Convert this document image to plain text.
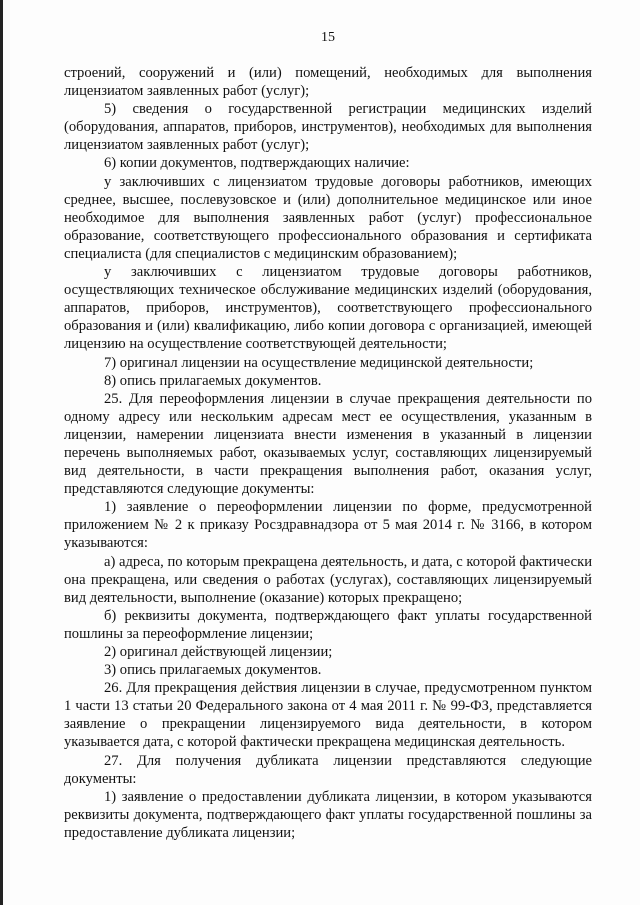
15

строений, сооружений и (или) помещений, необходимых для выполнения лицензиатом заявленных работ (услуг);

5) сведения о государственной регистрации медицинских изделий (оборудования, аппаратов, приборов, инструментов), необходимых для выполнения лицензиатом заявленных работ (услуг);

6) копии документов, подтверждающих наличие:

у заключивших с лицензиатом трудовые договоры работников, имеющих среднее, высшее, послевузовское и (или) дополнительное медицинское или иное необходимое для выполнения заявленных работ (услуг) профессиональное образование, соответствующего профессионального образования и сертификата специалиста (для специалистов с медицинским образованием);

у заключивших с лицензиатом трудовые договоры работников, осуществляющих техническое обслуживание медицинских изделий (оборудования, аппаратов, приборов, инструментов), соответствующего профессионального образования и (или) квалификацию, либо копии договора с организацией, имеющей лицензию на осуществление соответствующей деятельности;

7) оригинал лицензии на осуществление медицинской деятельности;

8) опись прилагаемых документов.

25. Для переоформления лицензии в случае прекращения деятельности по одному адресу или нескольким адресам мест ее осуществления, указанным в лицензии, намерении лицензиата внести изменения в указанный в лицензии перечень выполняемых работ, оказываемых услуг, составляющих лицензируемый вид деятельности, в части прекращения выполнения работ, оказания услуг, представляются следующие документы:

1) заявление о переоформлении лицензии по форме, предусмотренной приложением № 2 к приказу Росздравнадзора от 5 мая 2014 г. № 3166, в котором указываются:

а) адреса, по которым прекращена деятельность, и дата, с которой фактически она прекращена, или сведения о работах (услугах), составляющих лицензируемый вид деятельности, выполнение (оказание) которых прекращено;

б) реквизиты документа, подтверждающего факт уплаты государственной пошлины за переоформление лицензии;

2) оригинал действующей лицензии;

3) опись прилагаемых документов.

26. Для прекращения действия лицензии в случае, предусмотренном пунктом 1 части 13 статьи 20 Федерального закона от 4 мая 2011 г. № 99-ФЗ, представляется заявление о прекращении лицензируемого вида деятельности, в котором указывается дата, с которой фактически прекращена медицинская деятельность.

27. Для получения дубликата лицензии представляются следующие документы:

1) заявление о предоставлении дубликата лицензии, в котором указываются реквизиты документа, подтверждающего факт уплаты государственной пошлины за предоставление дубликата лицензии;
